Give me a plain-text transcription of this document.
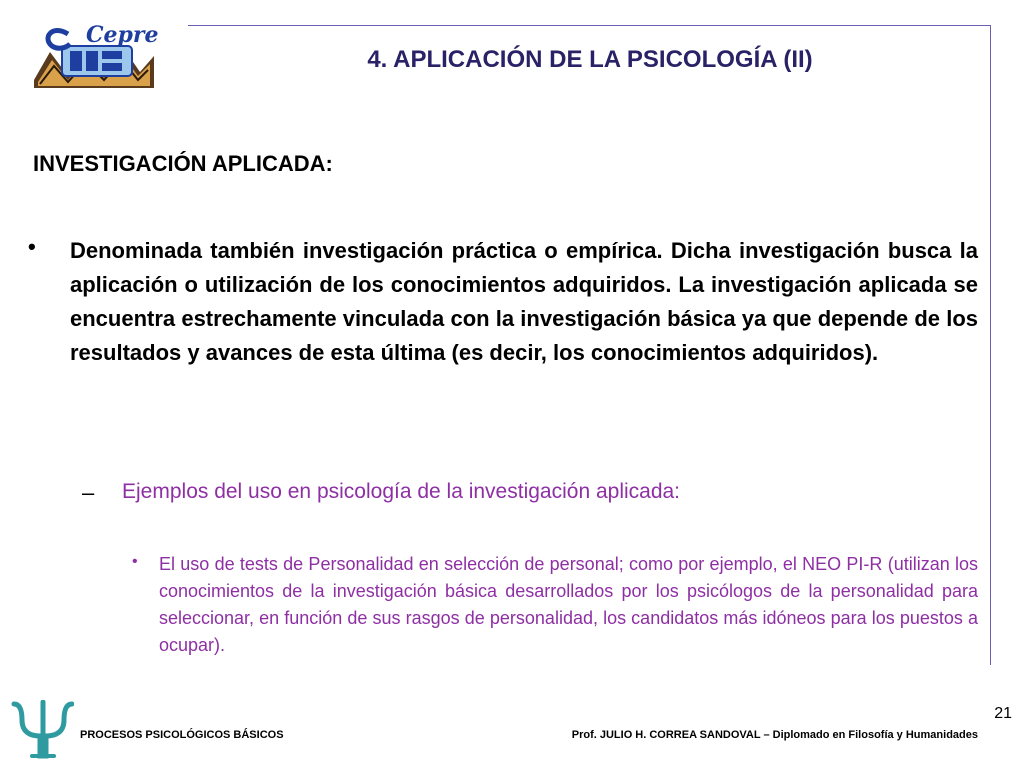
Cepre
4. APLICACIÓN DE LA PSICOLOGÍA (II)
INVESTIGACIÓN APLICADA:
• Denominada también investigación práctica o empírica. Dicha investigación busca la aplicación o utilización de los conocimientos adquiridos. La investigación aplicada se encuentra estrechamente vinculada con la investigación básica ya que depende de los resultados y avances de esta última (es decir, los conocimientos adquiridos).

– Ejemplos del uso en psicología de la investigación aplicada:
• El uso de tests de Personalidad en selección de personal; como por ejemplo, el NEO PI-R (utilizan los conocimientos de la investigación básica desarrollados por los psicólogos de la personalidad para seleccionar, en función de sus rasgos de personalidad, los candidatos más idóneos para los puestos a ocupar).

PROCESOS PSICOLÓGICOS BÁSICOS	Prof. JULIO H. CORREA SANDOVAL – Diplomado en Filosofía y Humanidades
21
